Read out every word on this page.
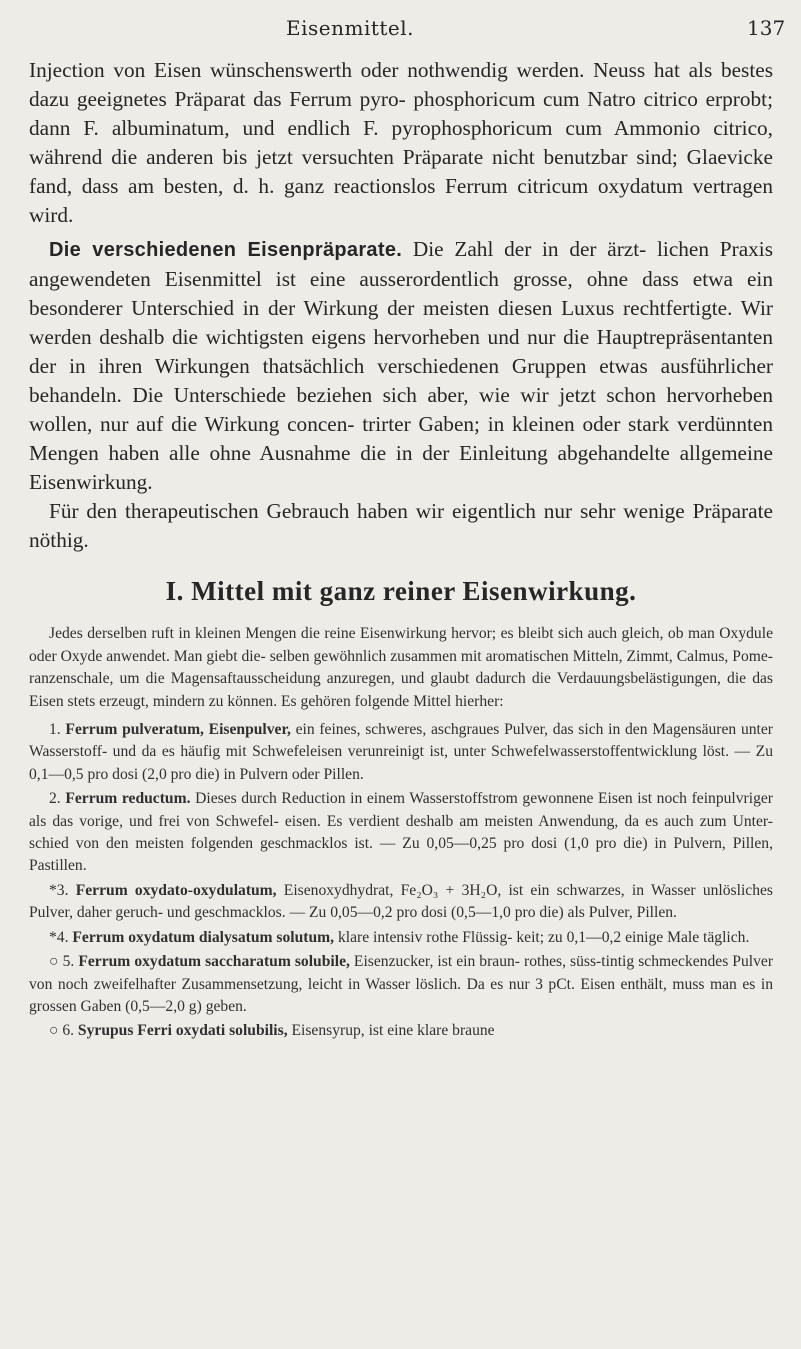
Eisenmittel.	137

Injection von Eisen wünschenswerth oder nothwendig werden. Neuss hat als bestes dazu geeignetes Präparat das Ferrum pyro- phosphoricum cum Natro citrico erprobt; dann F. albuminatum, und endlich F. pyrophosphoricum cum Ammonio citrico, während die anderen bis jetzt versuchten Präparate nicht benutzbar sind; Glaevicke fand, dass am besten, d. h. ganz reactionslos Ferrum citricum oxydatum vertragen wird.

Die verschiedenen Eisenpräparate. Die Zahl der in der ärzt- lichen Praxis angewendeten Eisenmittel ist eine ausserordentlich grosse, ohne dass etwa ein besonderer Unterschied in der Wirkung der meisten diesen Luxus rechtfertigte. Wir werden deshalb die wichtigsten eigens hervorheben und nur die Hauptrepräsentanten der in ihren Wirkungen thatsächlich verschiedenen Gruppen etwas ausführlicher behandeln. Die Unterschiede beziehen sich aber, wie wir jetzt schon hervorheben wollen, nur auf die Wirkung concen- trirter Gaben; in kleinen oder stark verdünnten Mengen haben alle ohne Ausnahme die in der Einleitung abgehandelte allgemeine Eisenwirkung.

Für den therapeutischen Gebrauch haben wir eigentlich nur sehr wenige Präparate nöthig.

I. Mittel mit ganz reiner Eisenwirkung.

Jedes derselben ruft in kleinen Mengen die reine Eisenwirkung hervor; es bleibt sich auch gleich, ob man Oxydule oder Oxyde anwendet. Man giebt die- selben gewöhnlich zusammen mit aromatischen Mitteln, Zimmt, Calmus, Pome- ranzenschale, um die Magensaftausscheidung anzuregen, und glaubt dadurch die Verdauungsbelästigungen, die das Eisen stets erzeugt, mindern zu können. Es gehören folgende Mittel hierher:

1. Ferrum pulveratum, Eisenpulver, ein feines, schweres, aschgraues Pulver, das sich in den Magensäuren unter Wasserstoff- und da es häufig mit Schwefeleisen verunreinigt ist, unter Schwefelwasserstoffentwicklung löst. — Zu 0,1—0,5 pro dosi (2,0 pro die) in Pulvern oder Pillen.

2. Ferrum reductum. Dieses durch Reduction in einem Wasserstoffstrom gewonnene Eisen ist noch feinpulvriger als das vorige, und frei von Schwefel- eisen. Es verdient deshalb am meisten Anwendung, da es auch zum Unter- schied von den meisten folgenden geschmacklos ist. — Zu 0,05—0,25 pro dosi (1,0 pro die) in Pulvern, Pillen, Pastillen.

*3. Ferrum oxydato-oxydulatum, Eisenoxydhydrat, Fe₂O₃ + 3H₂O, ist ein schwarzes, in Wasser unlösliches Pulver, daher geruch- und geschmacklos. — Zu 0,05—0,2 pro dosi (0,5—1,0 pro die) als Pulver, Pillen.

*4. Ferrum oxydatum dialysatum solutum, klare intensiv rothe Flüssig- keit; zu 0,1—0,2 einige Male täglich.

○ 5. Ferrum oxydatum saccharatum solubile, Eisenzucker, ist ein braun- rothes, süss-tintig schmeckendes Pulver von noch zweifelhafter Zusammensetzung, leicht in Wasser löslich. Da es nur 3 pCt. Eisen enthält, muss man es in grossen Gaben (0,5—2,0 g) geben.

○ 6. Syrupus Ferri oxydati solubilis, Eisensyrup, ist eine klare braune
